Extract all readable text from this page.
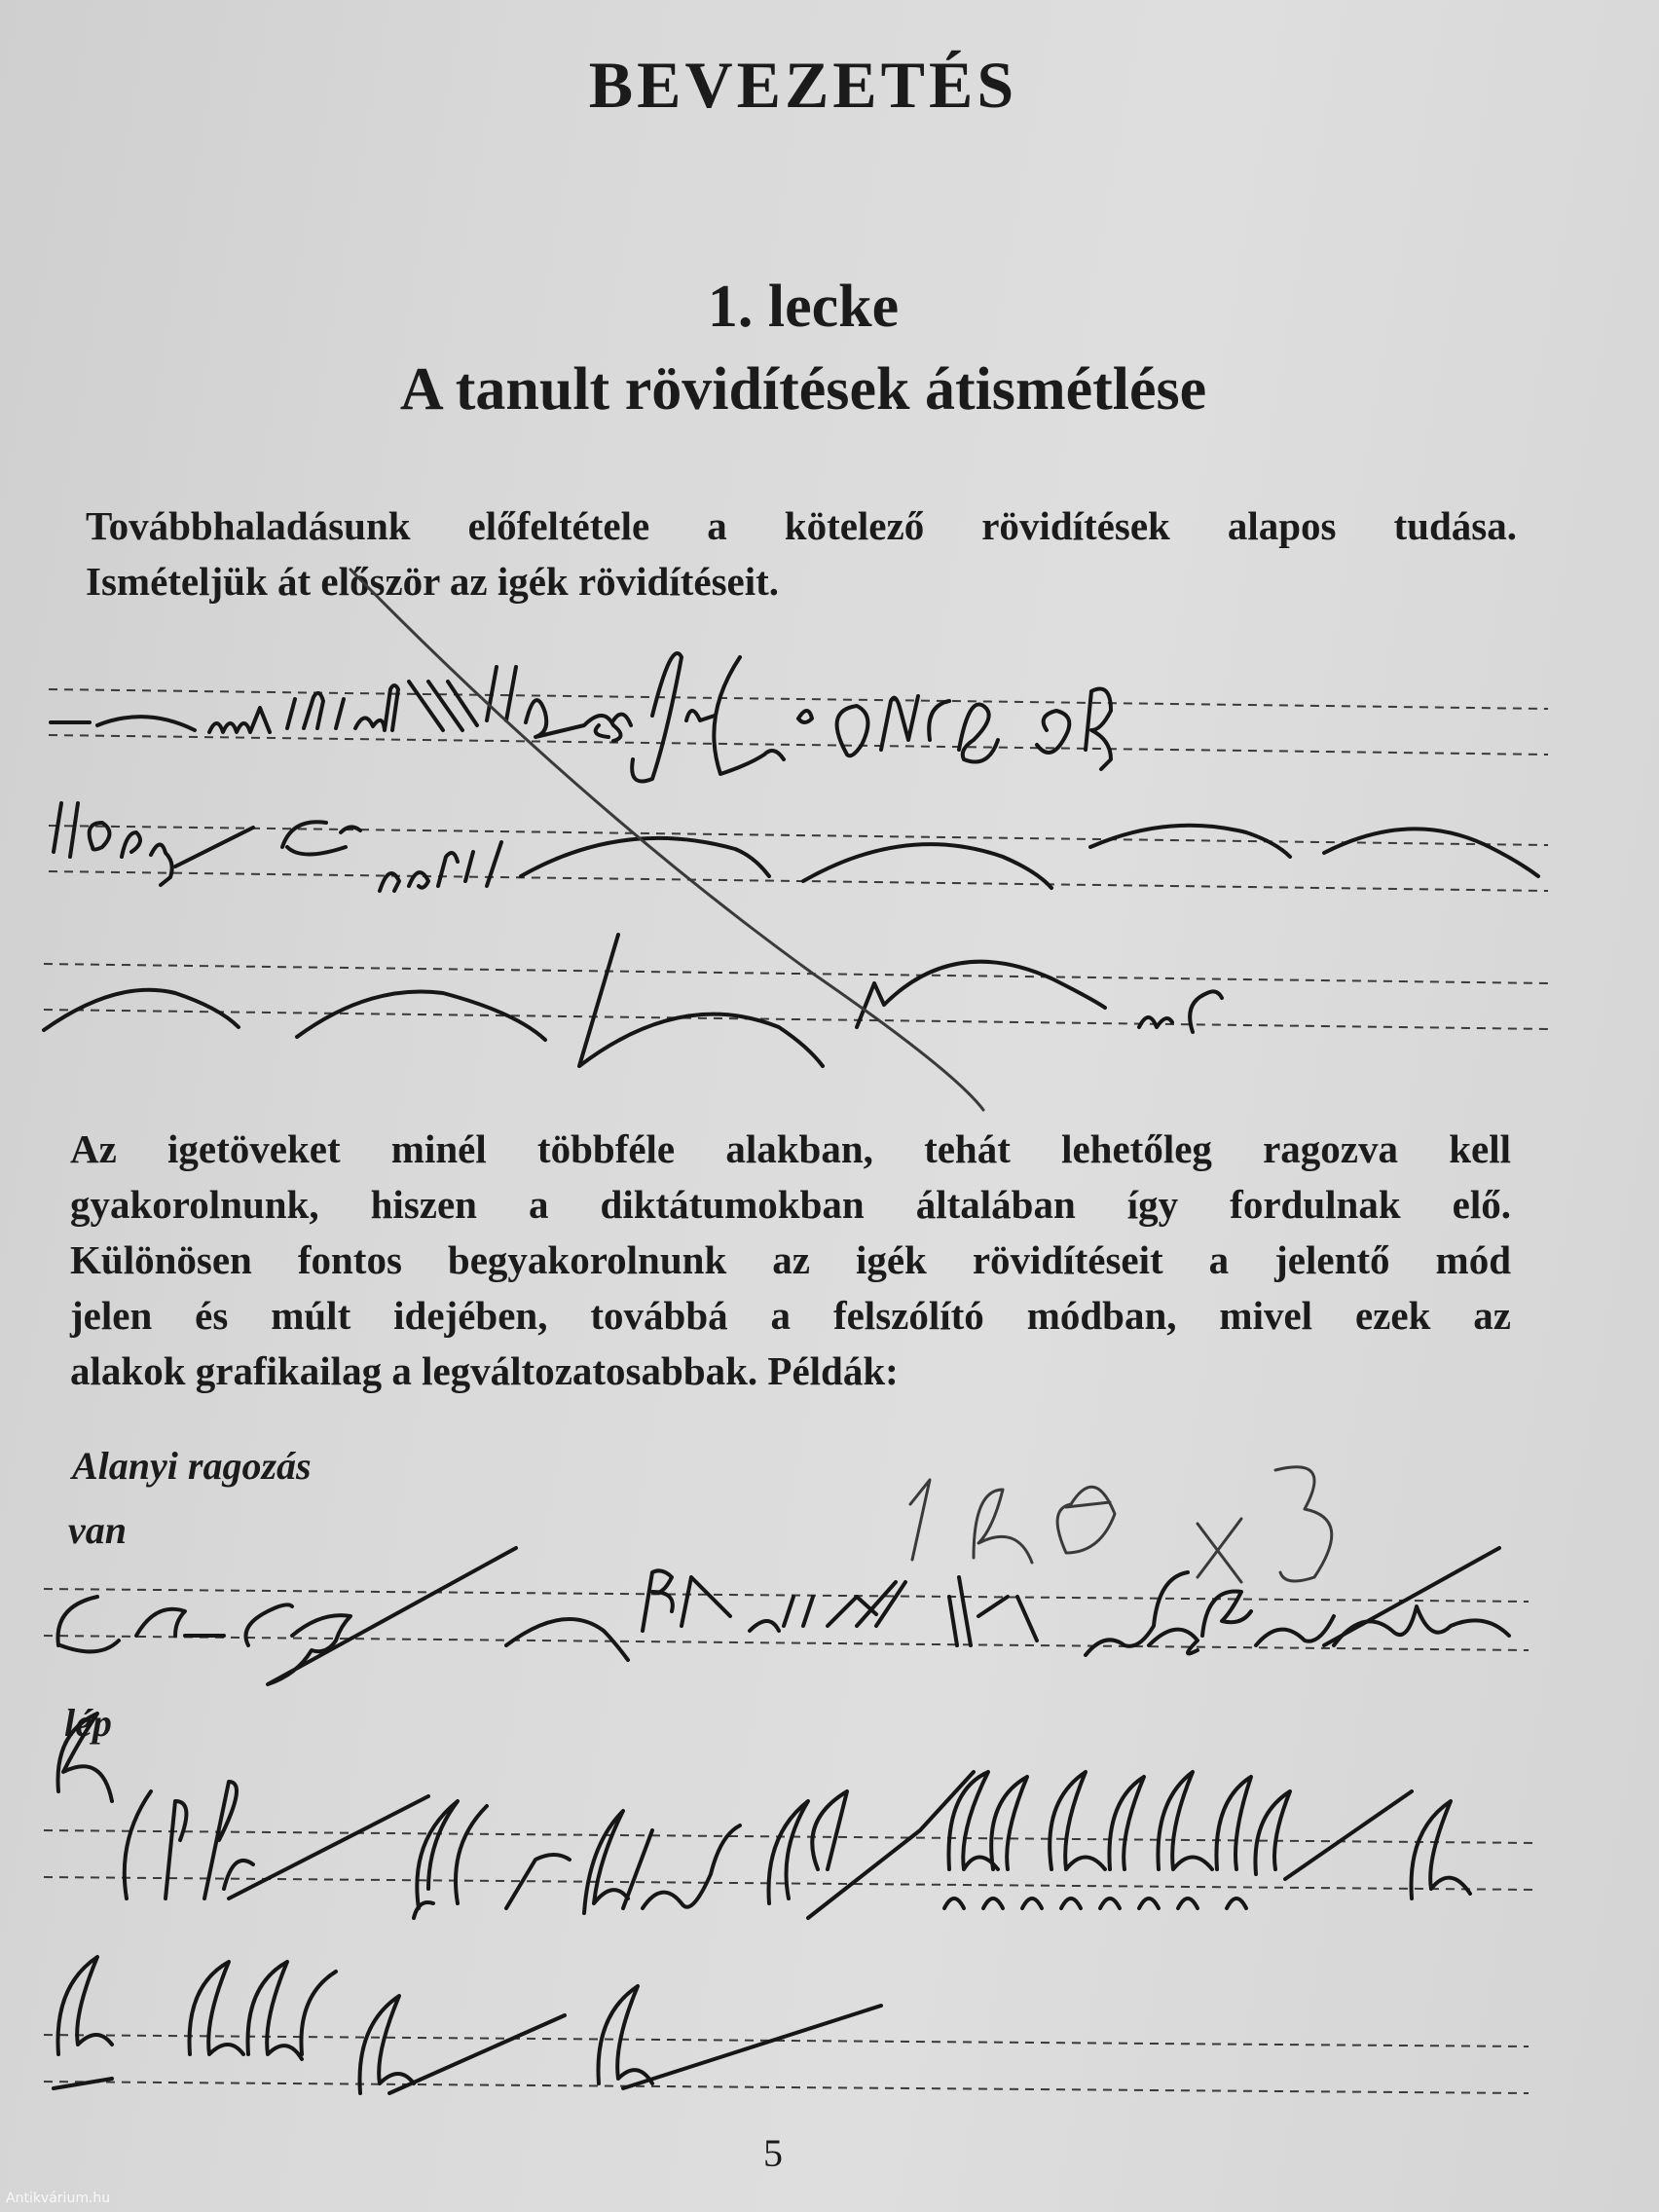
BEVEZETÉS
1. lecke
A tanult rövidítések átismétlése
Továbbhaladásunk előfeltétele a kötelező rövidítések alapos tudása.
Ismételjük át először az igék rövidítéseit.
Az igetöveket minél többféle alakban, tehát lehetőleg ragozva kell
gyakorolnunk, hiszen a diktátumokban általában így fordulnak elő.
Különösen fontos begyakorolnunk az igék rövidítéseit a jelentő mód
jelen és múlt idejében, továbbá a felszólító módban, mivel ezek az
alakok grafikailag a legváltozatosabbak. Példák:
Alanyi ragozás
van
lép
5
Antikvárium.hu
